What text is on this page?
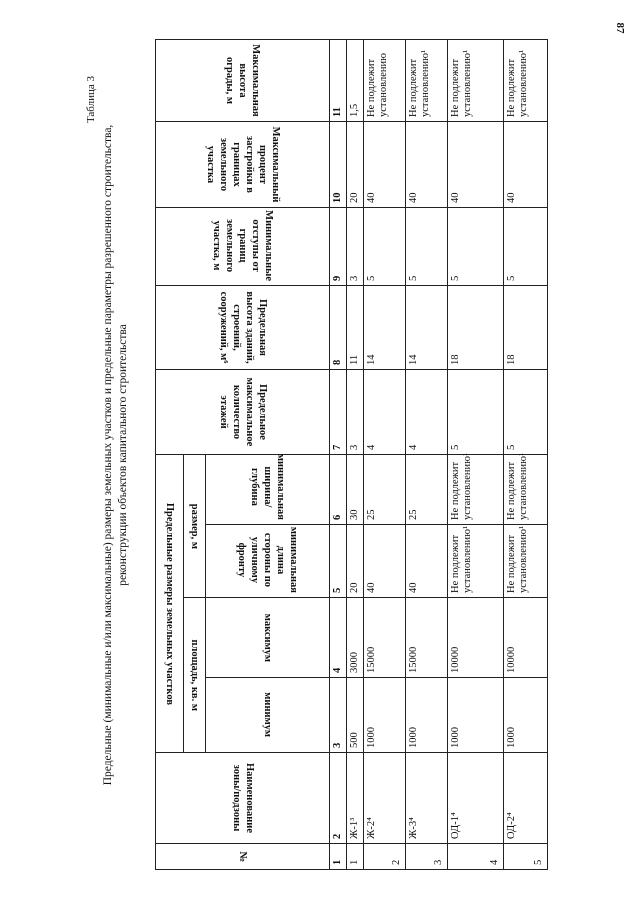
87
Таблица 3
Предельные (минимальные и/или максимальные) размеры земельных участков и предельные параметры разрешенного строительства, реконструкции объектов капитального строительства
№	Наименование зоны/подзоны	Предельные размеры земельных участков				Предельное максимальное количество этажей	Предельная высота зданий, строений, сооружений, м⁶	Минимальные отступы от границ земельного участка, м	Максимальный процент застройки в границах земельного участка	Максимальная высота ограды, м
		площадь, кв. м		размер, м						
		минимум	максимум	минимальная длина стороны по уличному фронту	минимальная ширина/глубина					
1	2	3	4	5	6	7	8	9	10	11
1	Ж-1³	500	3000	20	30	3	11	3	20	1,5
2	Ж-2⁴	1000	15000	40	25	4	14	5	40	Не подлежит установлению
3	Ж-3⁴	1000	15000	40	25	4	14	5	40	Не подлежит установлению¹
4	ОД-1⁴	1000	10000	Не подлежит установлению¹	Не подлежит установлению¹	5	18	5	40	Не подлежит установлению¹
5	ОД-2⁴	1000	10000	Не подлежит установлению¹	Не подлежит установлению¹	5	18	5	40	Не подлежит установлению¹
